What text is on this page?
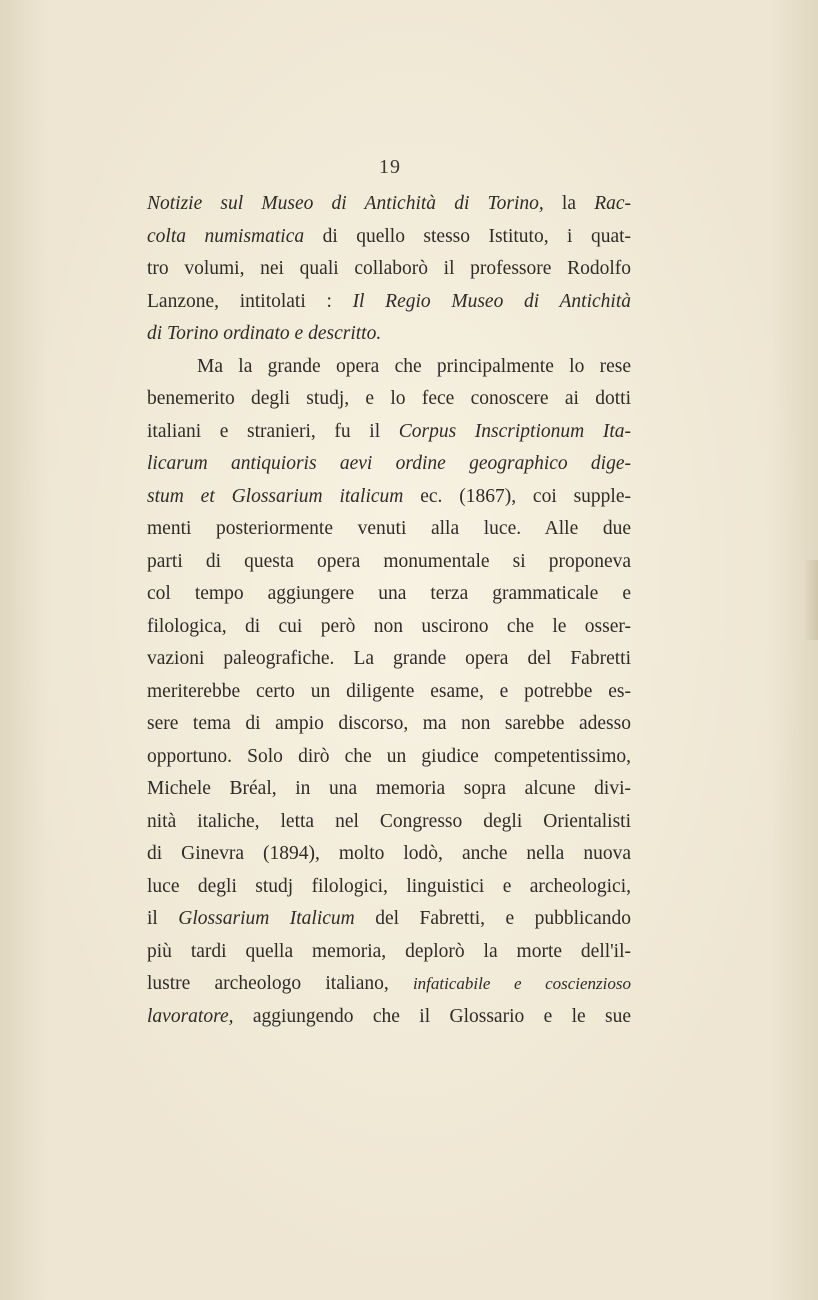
19
Notizie sul Museo di Antichità di Torino, la Rac-
colta numismatica di quello stesso Istituto, i quat-
tro volumi, nei quali collaborò il professore Rodolfo
Lanzone, intitolati : Il Regio Museo di Antichità
di Torino ordinato e descritto.
Ma la grande opera che principalmente lo rese
benemerito degli studj, e lo fece conoscere ai dotti
italiani e stranieri, fu il Corpus Inscriptionum Ita-
licarum antiquioris aevi ordine geographico dige-
stum et Glossarium italicum ec. (1867), coi supple-
menti posteriormente venuti alla luce. Alle due
parti di questa opera monumentale si proponeva
col tempo aggiungere una terza grammaticale e
filologica, di cui però non uscirono che le osser-
vazioni paleografiche. La grande opera del Fabretti
meriterebbe certo un diligente esame, e potrebbe es-
sere tema di ampio discorso, ma non sarebbe adesso
opportuno. Solo dirò che un giudice competentissimo,
Michele Bréal, in una memoria sopra alcune divi-
nità italiche, letta nel Congresso degli Orientalisti
di Ginevra (1894), molto lodò, anche nella nuova
luce degli studj filologici, linguistici e archeologici,
il Glossarium Italicum del Fabretti, e pubblicando
più tardi quella memoria, deplorò la morte dell'il-
lustre archeologo italiano, infaticabile e coscienzioso
lavoratore, aggiungendo che il Glossario e le sue
